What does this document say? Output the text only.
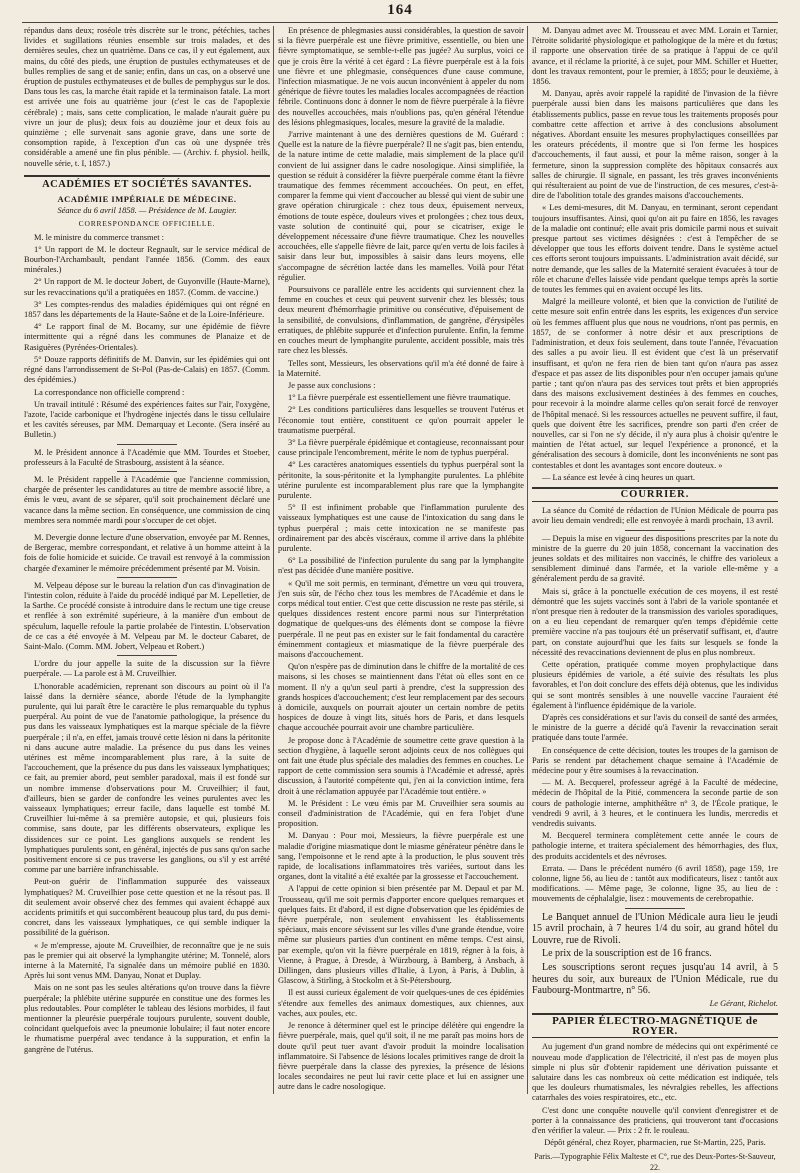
164

répandus dans deux; roséole très discrète sur le tronc, pétéchies, taches livides et sugillations réunies ensemble sur trois malades, et des dernières seules, chez un quatrième. Dans ce cas, il y eut également, aux mains, du côté des pieds, une éruption de pustules ecthymateuses et de bulles remplies de sang et de sanie; enfin, dans un cas, on a observé une éruption de pustules ecthymateuses et de bulles de pemphygus sur le dos. Dans tous les cas, la marche était rapide et la terminaison fatale. La mort est arrivée une fois au quatrième jour (c'est le cas de l'apoplexie cérébrale) ; mais, sans cette complication, le malade n'aurait guère pu vivre un jour de plus); deux fois au douzième jour et deux fois au quinzième ; elle survenait sans agonie grave, dans une sorte de consomption rapide, à l'exception d'un cas où une dyspnée très considérable a amené une fin plus pénible. — (Archiv. f. physiol. heilk, nouvelle série, t. I, 1857.)

ACADÉMIES ET SOCIÉTÉS SAVANTES.
ACADÉMIE IMPÉRIALE DE MÉDECINE.

Séance du 6 avril 1858. — Présidence de M. Laugier.

CORRESPONDANCE OFFICIELLE.

M. le ministre du commerce transmet :

1° Un rapport de M. le docteur Regnault, sur le service médical de Bourbon-l'Archambault, pendant l'année 1856. (Comm. des eaux minérales.)

2° Un rapport de M. le docteur Jobert, de Guyonville (Haute-Marne), sur les revaccinations qu'il a pratiquées en 1857. (Comm. de vaccine.)

3° Les comptes-rendus des maladies épidémiques qui ont régné en 1857 dans les départements de la Haute-Saône et de la Loire-Inférieure.

4° Le rapport final de M. Bocamy, sur une épidémie de fièvre intermittente qui a régné dans les communes de Planaize et de Rasiguères (Pyrénées-Orientales).

5° Douze rapports définitifs de M. Danvin, sur les épidémies qui ont régné dans l'arrondissement de St-Pol (Pas-de-Calais) en 1857. (Comm. des épidémies.)

La correspondance non officielle comprend :

Un travail intitulé : Résumé des expériences faites sur l'air, l'oxygène, l'azote, l'acide carbonique et l'hydrogène injectés dans le tissu cellulaire et les cavités séreuses, par MM. Demarquay et Leconte. (Sera inséré au Bulletin.)

M. le Président annonce à l'Académie que MM. Tourdes et Stoeber, professeurs à la Faculté de Strasbourg, assistent à la séance.

M. le Président rappelle à l'Académie que l'ancienne commission, chargée de présenter les candidatures au titre de membre associé libre, a émis le vœu, avant de se séparer, qu'il soit prochainement déclaré une vacance dans la même section. En conséquence, une commission de cinq membres sera nommée mardi pour s'occuper de cet objet.

M. Devergie donne lecture d'une observation, envoyée par M. Rennes, de Bergerac, membre correspondant, et relative à un homme atteint à la fois de folie homicide et suicide. Ce travail est renvoyé à la commission chargée d'examiner le mémoire précédemment présenté par M. Voisin.

M. Velpeau dépose sur le bureau la relation d'un cas d'invagination de l'intestin colon, réduite à l'aide du procédé indiqué par M. Lepelletier, de la Sarthe. Ce procédé consiste à introduire dans le rectum une tige creuse et renflée à son extrémité supérieure, à la manière d'un embout de spéculum, laquelle refoule la partie prolabée de l'intestin. L'observation de ce cas a été envoyée à M. Velpeau par M. le docteur Cabaret, de Saint-Malo. (Comm. MM. Jobert, Velpeau et Robert.)

L'ordre du jour appelle la suite de la discussion sur la fièvre puerpérale. — La parole est à M. Cruveilhier.

L'honorable académicien, reprenant son discours au point où il l'a laissé dans la dernière séance, aborde l'étude de la lymphangite purulente, qui lui paraît être le caractère le plus remarquable du typhus puerpéral. Au point de vue de l'anatomie pathologique, la présence du pus dans les vaisseaux lymphatiques est la marque spéciale de la fièvre puerpérale ; il n'a, en effet, jamais trouvé cette lésion ni dans la péritonite ni dans aucune autre maladie. La présence du pus dans les veines utérines est même incomparablement plus rare, à la suite de l'accouchement, que la présence du pus dans les vaisseaux lymphatiques; ce fait, au premier abord, peut sembler paradoxal, mais il est fondé sur un nombre immense d'observations pour M. Cruveilhier; il faut, d'ailleurs, bien se garder de confondre les veines purulentes avec les vaisseaux lymphatiques; erreur facile, dans laquelle est tombé M. Cruveilhier lui-même à sa première autopsie, et qui, plusieurs fois commise, sans doute, par les différents observateurs, explique les dissidences sur ce point. Les ganglions auxquels se rendent les lymphatiques purulents sont, en général, injectés de pus sans qu'on sache positivement encore si ce pus traverse les ganglions, ou s'il y est arrêté comme par une barrière infranchissable.

Peut-on guérir de l'inflammation suppurée des vaisseaux lymphatiques? M. Cruveilhier pose cette question et ne la résout pas. Il dit seulement avoir observé chez des femmes qui avaient échappé aux accidents primitifs et qui succombèrent beaucoup plus tard, du pus demi-concret, dans les vaisseaux lymphatiques, ce qui semble indiquer la possibilité de la guérison.

« Je m'empresse, ajoute M. Cruveilhier, de reconnaître que je ne suis pas le premier qui ait observé la lymphangite utérine; M. Tonnelé, alors interne à la Maternité, l'a signalée dans un mémoire publié en 1830. Après lui sont venus MM. Danyau, Nonat et Duplay.

Mais on ne sont pas les seules altérations qu'on trouve dans la fièvre puerpérale; la phlébite utérine suppurée en constitue une des formes les plus redoutables. Pour compléter le tableau des lésions morbides, il faut mentionner la pleurésie puerpérale toujours purulente, souvent double, coïncidant quelquefois avec la pneumonie lobulaire; il faut noter encore le rhumatisme puerpéral avec tendance à la suppuration, et enfin la gangrène de l'utérus.

En présence de phlegmasies aussi considérables, la question de savoir si la fièvre puerpérale est une fièvre primitive, essentielle, ou bien une fièvre symptomatique, se semble-t-elle pas jugée? Au surplus, voici ce que je crois être la vérité à cet égard : La fièvre puerpérale est à la fois une fièvre et une phlegmasie, conséquences d'une cause commune, l'infection miasmatique. Je ne vois aucun inconvénient à appeler du nom générique de fièvre toutes les maladies locales accompagnées de réaction fébrile. Continuons donc à donner le nom de fièvre puerpérale à la fièvre des nouvelles accouchées, mais n'oublions pas, qu'en général l'étendue des lésions phlegmasiques, locales, mesure la gravité de la maladie.

J'arrive maintenant à une des dernières questions de M. Guérard : Quelle est la nature de la fièvre puerpérale? Il ne s'agit pas, bien entendu, de la nature intime de cette maladie, mais simplement de la place qu'il convient de lui assigner dans le cadre nosologique. Ainsi simplifiée, la question se réduit à considérer la fièvre puerpérale comme étant la fièvre traumatique des femmes récemment accouchées. On peut, en effet, comparer la femme qui vient d'accoucher au blessé qui vient de subir une grave opération chirurgicale : chez tous deux, épuisement nerveux, émotions de toute espèce, douleurs vives et prolongées ; chez tous deux, vaste solution de continuité qui, pour se cicatriser, exige le développement nécessaire d'une fièvre traumatique. Chez les nouvelles accouchées, elle s'appelle fièvre de lait, parce qu'en vertu de lois faciles à saisir dans leur but, impossibles à saisir dans leurs moyens, elle s'accompagne de sécrétion lactée dans les mamelles. Voilà pour l'état régulier.

Poursuivons ce parallèle entre les accidents qui surviennent chez la femme en couches et ceux qui peuvent survenir chez les blessés; tous deux meurent d'hémorrhagie primitive ou consécutive, d'épuisement de la sensibilité, de convulsions, d'inflammation, de gangrène, d'érysipèles erratiques, de phlébite suppurée et d'infection purulente. Enfin, la femme en couches meurt de lymphangite purulente, accident possible, mais très rare chez les blessés.

Telles sont, Messieurs, les observations qu'il m'a été donné de faire à la Maternité.

Je passe aux conclusions :

1° La fièvre puerpérale est essentiellement une fièvre traumatique.

2° Les conditions particulières dans lesquelles se trouvent l'utérus et l'économie tout entière, constituent ce qu'on pourrait appeler le traumatisme puerpéral.

3° La fièvre puerpérale épidémique et contagieuse, reconnaissant pour cause principale l'encombrement, mérite le nom de typhus puerpéral.

4° Les caractères anatomiques essentiels du typhus puerpéral sont la péritonite, la sous-péritonite et la lymphangite purulentes. La phlébite utérine purulente est incomparablement plus rare que la lymphangite purulente.

5° Il est infiniment probable que l'inflammation purulente des vaisseaux lymphatiques est une cause de l'intoxication du sang dans le typhus puerpéral ; mais cette intoxication ne se manifeste pas ordinairement par des abcès viscéraux, comme il arrive dans la phlébite purulente.

6° La possibilité de l'infection purulente du sang par la lymphangite n'est pas décidée d'une manière positive.

« Qu'il me soit permis, en terminant, d'émettre un vœu qui trouvera, j'en suis sûr, de l'écho chez tous les membres de l'Académie et dans le corps médical tout entier. C'est que cette discussion ne reste pas stérile, si quelques dissidences restent encore parmi nous sur l'interprétation dogmatique de quelques-uns des éléments dont se compose la fièvre puerpérale. Il ne peut pas en exister sur le fait fondamental du caractère éminemment contagieux et miasmatique de la fièvre puerpérale des maisons d'accouchement.

Qu'on n'espère pas de diminution dans le chiffre de la mortalité de ces maisons, si les choses se maintiennent dans l'état où elles sont en ce moment. Il n'y a qu'un seul parti à prendre, c'est la suppression des grands hospices d'accouchement; c'est leur remplacement par des secours à domicile, auxquels on pourrait ajouter un certain nombre de petits hospices de douze à vingt lits, situés hors de Paris, et dans lesquels chaque accouchée pourrait avoir une chambre particulière.

Je propose donc à l'Académie de soumettre cette grave question à la section d'hygiène, à laquelle seront adjoints ceux de nos collègues qui ont fait une étude plus spéciale des maladies des femmes en couches. Le rapport de cette commission sera soumis à l'Académie et adressé, après discussion, à l'autorité compétente qui, j'en ai la conviction intime, fera droit à une réclamation appuyée par l'Académie tout entière. »

M. le Président : Le vœu émis par M. Cruveilhier sera soumis au conseil d'administration de l'Académie, qui en fera l'objet d'une proposition.

M. Danyau : Pour moi, Messieurs, la fièvre puerpérale est une maladie d'origine miasmatique dont le miasme générateur pénètre dans le sang, l'empoisonne et le rend apte à la production, le plus souvent très rapide, de localisations inflammatoires très variées, surtout dans les organes, dont la vitalité a été exaltée par la grossesse et l'accouchement.

A l'appui de cette opinion si bien présentée par M. Depaul et par M. Trousseau, qu'il me soit permis d'apporter encore quelques remarques et quelques faits. Et d'abord, il est digne d'observation que les épidémies de fièvre puerpérale, non seulement envahissent les établissements spéciaux, mais encore sévissent sur les villes d'une grande étendue, voire même sur plusieurs parties d'un continent en même temps. C'est ainsi, par exemple, qu'on vit la fièvre puerpérale en 1819, régner à la fois, à Vienne, à Prague, à Dresde, à Würzbourg, à Bamberg, à Ansbach, à Dillingen, dans plusieurs villes d'Italie, à Lyon, à Paris, à Dublin, à Glascow, à Stirling, à Stockolm et à St-Pétersbourg.

Il est aussi curieux également de voir quelques-unes de ces épidémies s'étendre aux femelles des animaux domestiques, aux chiennes, aux vaches, aux poules, etc.

Je renonce à déterminer quel est le principe délétère qui engendre la fièvre puerpérale, mais, quel qu'il soit, il ne me paraît pas moins hors de doute qu'il peut tuer avant d'avoir produit la moindre localisation inflammatoire. Si l'absence de lésions locales primitives range de droit la fièvre puerpérale dans la classe des pyrexies, la présence de lésions locales secondaires ne peut lui ravir cette place et lui en assigner une autre dans le cadre nosologique.

M. Danyau admet avec M. Trousseau et avec MM. Lorain et Tarnier, l'étroite solidarité physiologique et pathologique de la mère et du fœtus; il rapporte une observation tirée de sa pratique à l'appui de ce qu'il avance, et il réclame la priorité, à ce sujet, pour MM. Schiller et Huetter, dont les travaux remontent, pour le premier, à 1855; pour le deuxième, à 1856.

M. Danyau, après avoir rappelé la rapidité de l'invasion de la fièvre puerpérale aussi bien dans les maisons particulières que dans les établissements publics, passe en revue tous les traitements proposés pour combattre cette affection et arrive à des conclusions absolument négatives. Abordant ensuite les mesures prophylactiques conseillées par les orateurs précédents, il montre que si l'on ferme les hospices d'accouchements, il faut aussi, et pour la même raison, songer à la fermeture, sinon la suppression complète des hôpitaux consacrés aux salles de chirurgie. Il signale, en passant, les très graves inconvénients qui résulteraient au point de vue de l'instruction, de ces mesures, c'est-à-dire de l'abolition totale des grandes maisons d'accouchements.

« Les demi-mesures, dit M. Danyau, en terminant, seront cependant toujours insuffisantes. Ainsi, quoi qu'on ait pu faire en 1856, les ravages de la maladie ont continué; elle avait pris domicile parmi nous et suivait presque partout ses victimes désignées : c'est à l'empêcher de se développer que tous les efforts doivent tendre. Dans le système actuel ces efforts seront toujours impuissants. L'administration avait décidé, sur notre demande, que les salles de la Maternité seraient évacuées à tour de rôle et chacune d'elles laissée vide pendant quelque temps après la sortie de toutes les femmes qui en avaient occupé les lits.

Malgré la meilleure volonté, et bien que la conviction de l'utilité de cette mesure soit enfin entrée dans les esprits, les exigences d'un service où les femmes affluent plus que nous ne voudrions, n'ont pas permis, en 1857, de se conformer à notre désir et aux prescriptions de l'administration, et deux fois seulement, dans toute l'année, l'évacuation des salles a pu avoir lieu. Il est évident que c'est là un préservatif insuffisant, et qu'on ne fera rien de bien tant qu'on n'aura pas assez d'espace et pas assez de lits disponibles pour n'en occuper jamais qu'une partie ; tant qu'on n'aura pas des services tout prêts et bien appropriés dans des maisons exclusivement destinées à des femmes en couches, pour recevoir à la moindre alarme celles qu'on serait forcé de renvoyer de l'hôpital menacé. Si les ressources actuelles ne peuvent suffire, il faut, quels que doivent être les sacrifices, prendre son parti d'en créer de nouvelles, car si l'on ne s'y décide, il n'y aura plus à choisir qu'entre le maintien de l'état actuel, sur lequel l'expérience a prononcé, et la généralisation des secours à domicile, dont les inconvénients ne sont pas contestables et dont les avantages sont encore douteux. »

— La séance est levée à cinq heures un quart.

COURRIER.

La séance du Comité de rédaction de l'Union Médicale de pourra pas avoir lieu demain vendredi; elle est renvoyée à mardi prochain, 13 avril.

— Depuis la mise en vigueur des dispositions prescrites par la note du ministre de la guerre du 20 juin 1858, concernant la vaccination des jeunes soldats et des militaires non vaccinés, le chiffre des varioleux a sensiblement diminué dans l'armée, et la variole elle-même y a généralement perdu de sa gravité.

Mais si, grâce à la ponctuelle exécution de ces moyens, il est resté démontré que les sujets vaccinés sont à l'abri de la variole spontanée et n'ont presque rien à redouter de la transmission des varioles sporadiques, on a eu lieu cependant de remarquer qu'en temps d'épidémie cette première vaccine n'a pas toujours été un préservatif suffisant, et, d'autre part, on constate aujourd'hui que les faits sur lesquels se fonde la nécessité des revaccinations deviennent de plus en plus nombreux.

Cette opération, pratiquée comme moyen prophylactique dans plusieurs épidémies de variole, a été suivie des résultats les plus favorables, et l'on doit conclure des effets déjà obtenus, que les individus qui se sont montrés sensibles à une nouvelle vaccine l'auraient été également à l'influence épidémique de la variole.

D'après ces considérations et sur l'avis du conseil de santé des armées, le ministre de la guerre a décidé qu'à l'avenir la revaccination serait pratiquée dans toute l'armée.

En conséquence de cette décision, toutes les troupes de la garnison de Paris se rendent par détachement chaque semaine à l'Académie de médecine pour y être soumises à la revaccination.

— M. A. Becquerel, professeur agrégé à la Faculté de médecine, médecin de l'hôpital de la Pitié, commencera la seconde partie de son cours de pathologie interne, amphithéâtre n° 3, de l'École pratique, le vendredi 9 avril, à 3 heures, et le continuera les lundis, mercredis et vendredis suivants.

M. Becquerel terminera complètement cette année le cours de pathologie interne, et traitera spécialement des hémorrhagies, des flux, des produits accidentels et des névroses.

Errata. — Dans le précédent numéro (6 avril 1858), page 159, 1re colonne, ligne 56, au lieu de : tantôt aux modificateurs, lisez : tantôt aux modifications. — Même page, 3e colonne, ligne 35, au lieu de : mouvements de céphalalgie, lisez : mouvements de cerebropathie.

Le Banquet annuel de l'Union Médicale aura lieu le jeudi 15 avril prochain, à 7 heures 1/4 du soir, au grand hôtel du Louvre, rue de Rivoli.

Le prix de la souscription est de 16 francs.

Les souscriptions seront reçues jusqu'au 14 avril, à 5 heures du soir, aux bureaux de l'Union Médicale, rue du Faubourg-Montmartre, n° 56.

Le Gérant, Richelot.
PAPIER ÉLECTRO-MAGNÉTIQUE de ROYER.

Au jugement d'un grand nombre de médecins qui ont expérimenté ce nouveau mode d'application de l'électricité, il n'est pas de moyen plus simple ni plus sûr d'obtenir rapidement une dérivation puissante et salutaire dans les cas nombreux où cette médication est indiquée, tels que les douleurs rhumatismales, les névralgies rebelles, les affections catarrhales des voies respiratoires, etc., etc.

C'est donc une conquête nouvelle qu'il convient d'enregistrer et de porter à la connaissance des praticiens, qui trouveront tant d'occasions d'en vérifier la valeur. — Prix : 2 fr. le rouleau.

Dépôt général, chez Royer, pharmacien, rue St-Martin, 225, Paris.

Paris.—Typographie Félix Malteste et C°, rue des Deux-Portes-St-Sauveur, 22.
